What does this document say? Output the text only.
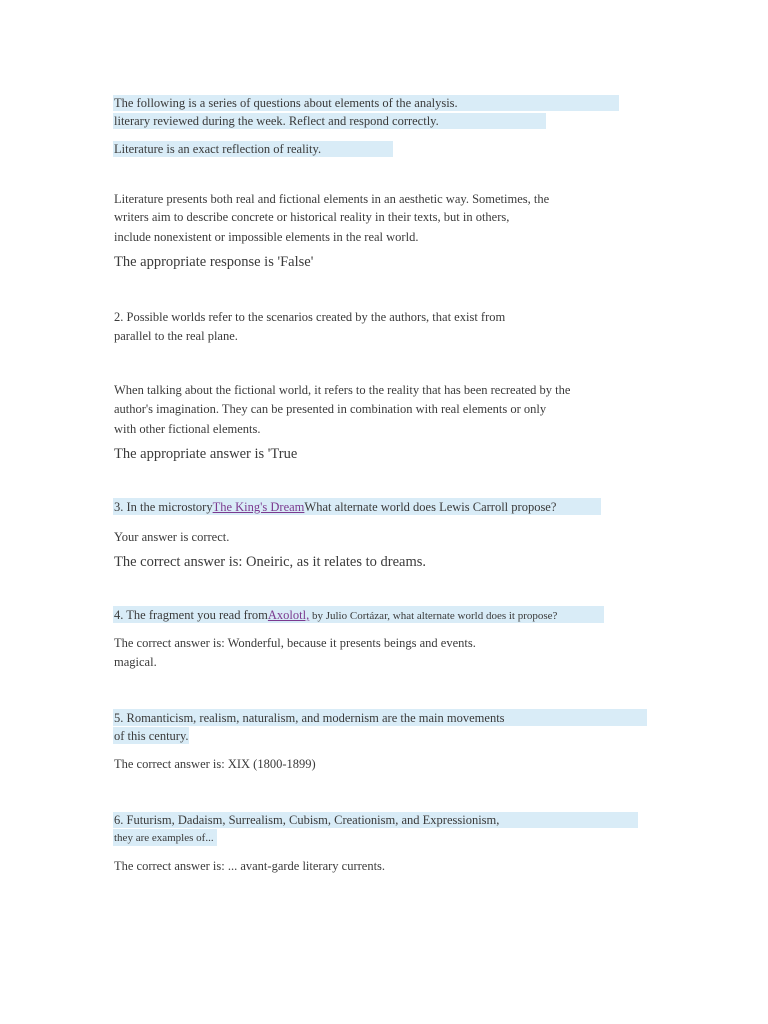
The following is a series of questions about elements of the analysis.
literary reviewed during the week. Reflect and respond correctly.
Literature is an exact reflection of reality.
Literature presents both real and fictional elements in an aesthetic way. Sometimes, the
writers aim to describe concrete or historical reality in their texts, but in others,
include nonexistent or impossible elements in the real world.
The appropriate response is 'False'
2. Possible worlds refer to the scenarios created by the authors, that exist from
parallel to the real plane.
When talking about the fictional world, it refers to the reality that has been recreated by the
author's imagination. They can be presented in combination with real elements or only
with other fictional elements.
The appropriate answer is 'True
3. In the microstoryThe King's DreamWhat alternate world does Lewis Carroll propose?
Your answer is correct.
The correct answer is: Oneiric, as it relates to dreams.
4. The fragment you read fromAxolotl, by Julio Cortázar, what alternate world does it propose?
The correct answer is: Wonderful, because it presents beings and events.
magical.
5. Romanticism, realism, naturalism, and modernism are the main movements
of this century.
The correct answer is: XIX (1800-1899)
6. Futurism, Dadaism, Surrealism, Cubism, Creationism, and Expressionism,
they are examples of...
The correct answer is: ... avant-garde literary currents.
